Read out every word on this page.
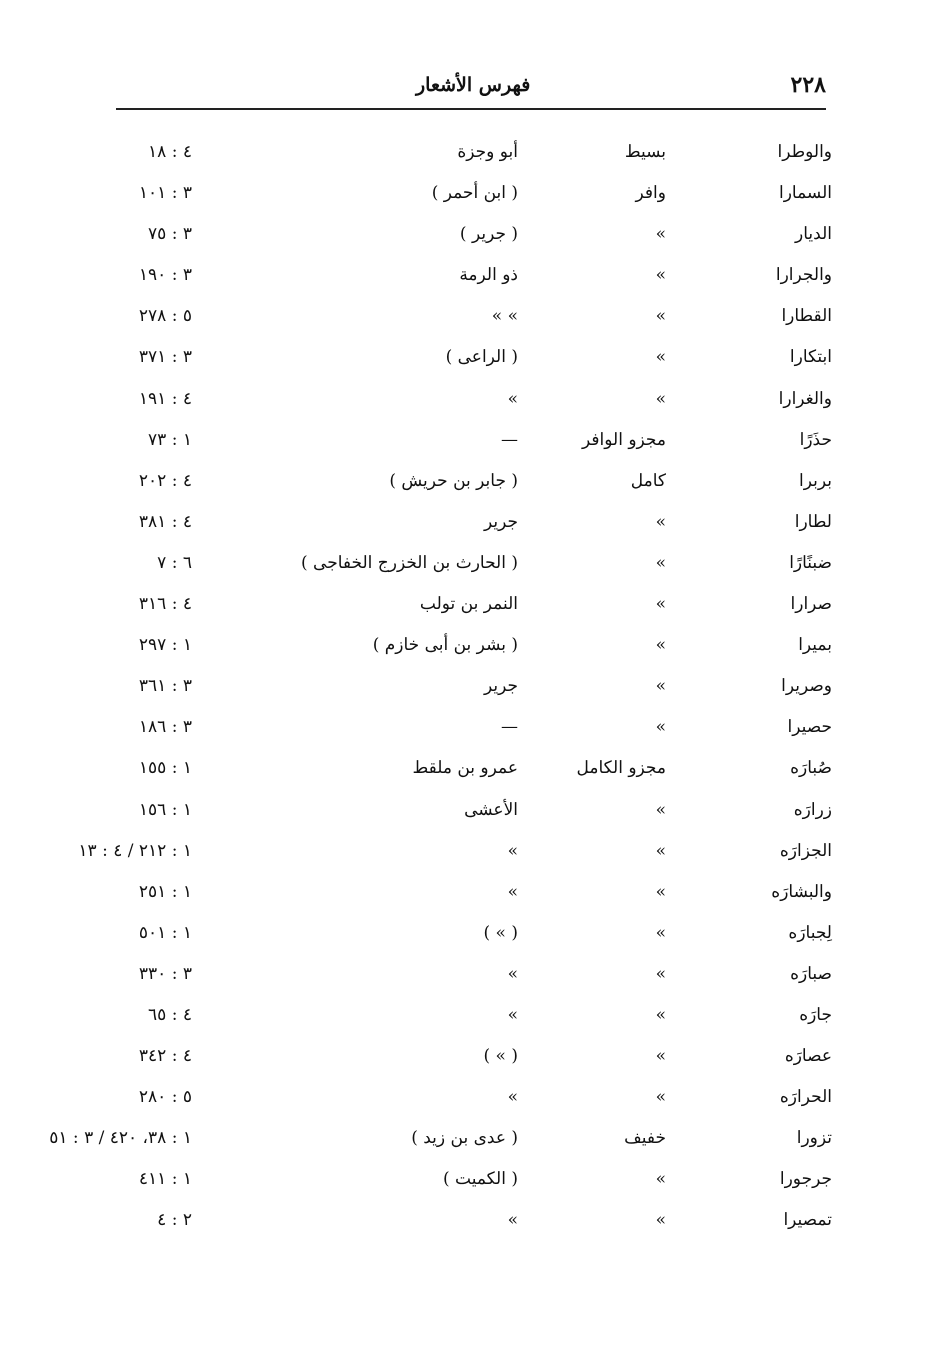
٢٢٨
فهرس الأشعار
والوطرا
بسيط
أبو وجزة
٤ : ١٨
السمارا
وافر
( ابن أحمر )
٣ : ١٠١
الديار
»
( جرير )
٣ : ٧٥
والجرارا
»
ذو الرمة
٣ : ١٩٠
القطارا
»
» »
٥ : ٢٧٨
ابتكارا
»
( الراعى )
٣ : ٣٧١
والغرارا
»
»
٤ : ١٩١
حذَرًا
مجزو الوافر
—
١ : ٧٣
بربرا
كامل
( جابر بن حريش )
٤ : ٢٠٢
لطارا
»
جرير
٤ : ٣٨١
ضبنًارًا
»
( الحارث بن الخزرج الخفاجى )
٦ : ٧
صرارا
»
النمر بن تولب
٤ : ٣١٦
بميرا
»
( بشر بن أبى خازم )
١ : ٢٩٧
وصريرا
»
جرير
٣ : ٣٦١
حصيرا
»
—
٣ : ١٨٦
صُبارَه
مجزو الكامل
عمرو بن ملقط
١ : ١٥٥
زرارَه
»
الأعشى
١ : ١٥٦
الجزارَه
»
»
١ : ٢١٢ / ٤ : ١٣
والبشارَه
»
»
١ : ٢٥١
لِجبارَه
»
( » )
١ : ٥٠١
صبارَه
»
»
٣ : ٣٣٠
جارَه
»
»
٤ : ٦٥
عصارَه
»
( » )
٤ : ٣٤٢
الحرارَه
»
»
٥ : ٢٨٠
تزورا
خفيف
( عدى بن زيد )
١ : ٣٨، ٤٢٠ / ٣ : ٥١
جرجورا
»
( الكميت )
١ : ٤١١
تمصيرا
»
»
٢ : ٤
